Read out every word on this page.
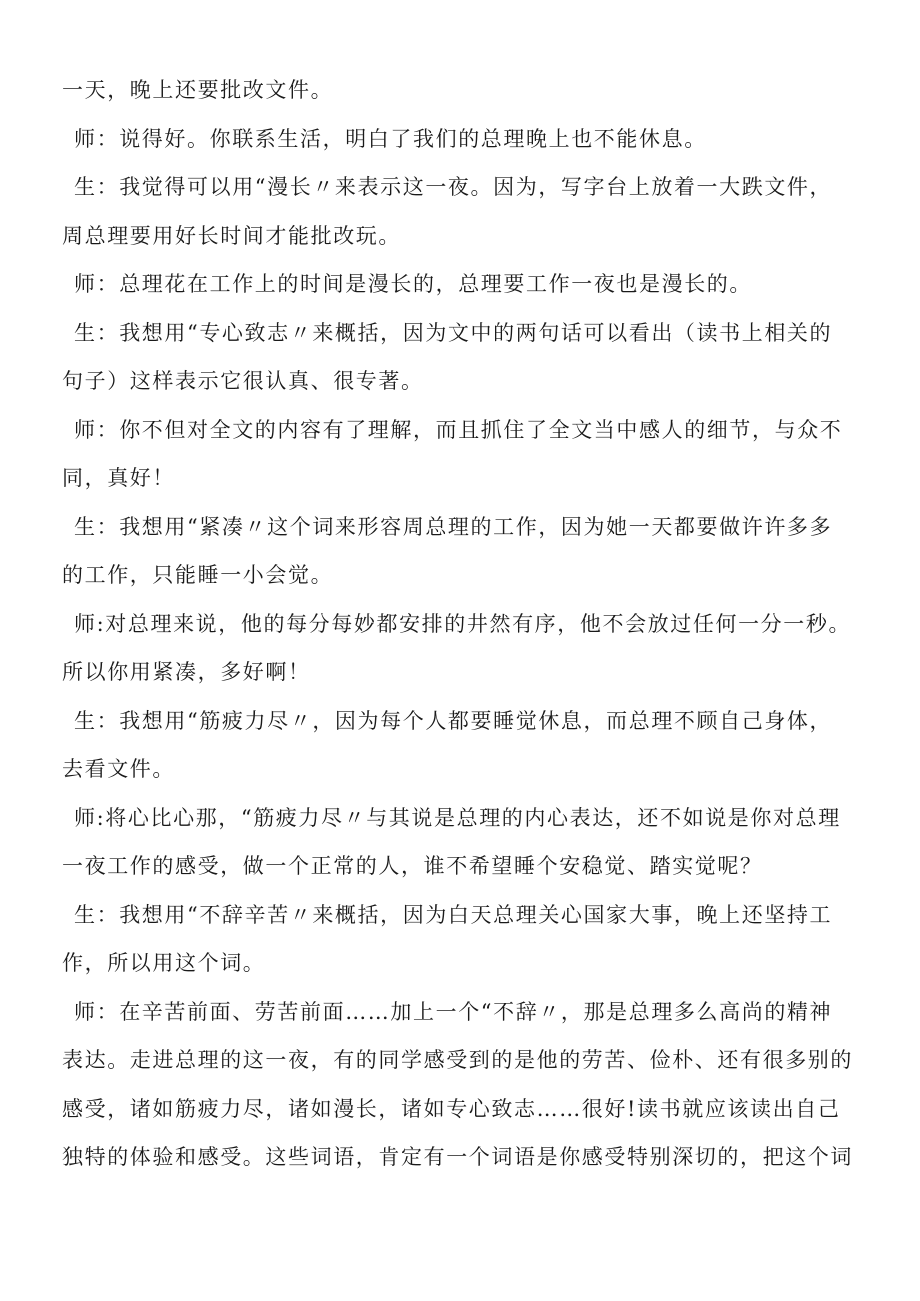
一天，晚上还要批改文件。
师：说得好。你联系生活，明白了我们的总理晚上也不能休息。
生：我觉得可以用“漫长〃来表示这一夜。因为，写字台上放着一大跌文件，
周总理要用好长时间才能批改玩。
师：总理花在工作上的时间是漫长的，总理要工作一夜也是漫长的。
生：我想用“专心致志〃来概括，因为文中的两句话可以看出（读书上相关的
句子）这样表示它很认真、很专著。
师：你不但对全文的内容有了理解，而且抓住了全文当中感人的细节，与众不
同，真好！
生：我想用“紧凑〃这个词来形容周总理的工作，因为她一天都要做许许多多
的工作，只能睡一小会觉。
师:对总理来说，他的每分每妙都安排的井然有序，他不会放过任何一分一秒。
所以你用紧凑，多好啊！
生：我想用“筋疲力尽〃，因为每个人都要睡觉休息，而总理不顾自己身体，
去看文件。
师:将心比心那，“筋疲力尽〃与其说是总理的内心表达，还不如说是你对总理
一夜工作的感受，做一个正常的人，谁不希望睡个安稳觉、踏实觉呢？
生：我想用“不辞辛苦〃来概括，因为白天总理关心国家大事，晚上还坚持工
作，所以用这个词。
师：在辛苦前面、劳苦前面……加上一个“不辞〃，那是总理多么高尚的精神
表达。走进总理的这一夜，有的同学感受到的是他的劳苦、俭朴、还有很多别的
感受，诸如筋疲力尽，诸如漫长，诸如专心致志……很好!读书就应该读出自己
独特的体验和感受。这些词语，肯定有一个词语是你感受特别深切的，把这个词
